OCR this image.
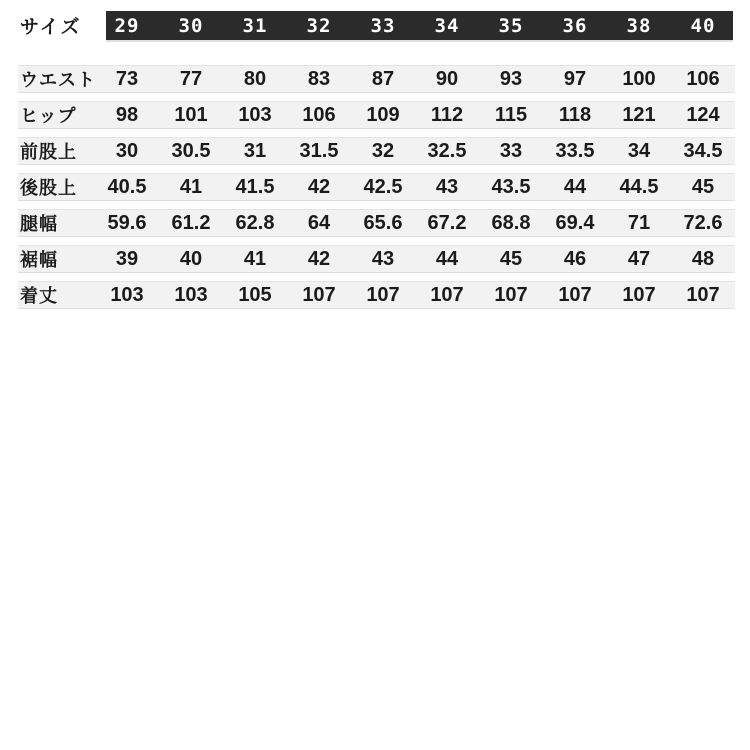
サイズ	29	30	31	32	33	34	35	36	38	40
ウエスト 73	77	80	83	87	90	93	97	100	106
ヒップ	98	101	103	106	109	112	115	118	121	124
前股上	30	30.5	31	31.5	32	32.5	33	33.5	34	34.5
後股上	40.5	41	41.5	42	42.5	43	43.5	44	44.5	45
腿幅	59.6	61.2	62.8	64	65.6	67.2	68.8	69.4	71	72.6
裾幅	39	40	41	42	43	44	45	46	47	48
着丈	103	103	105	107	107	107	107	107	107	107
